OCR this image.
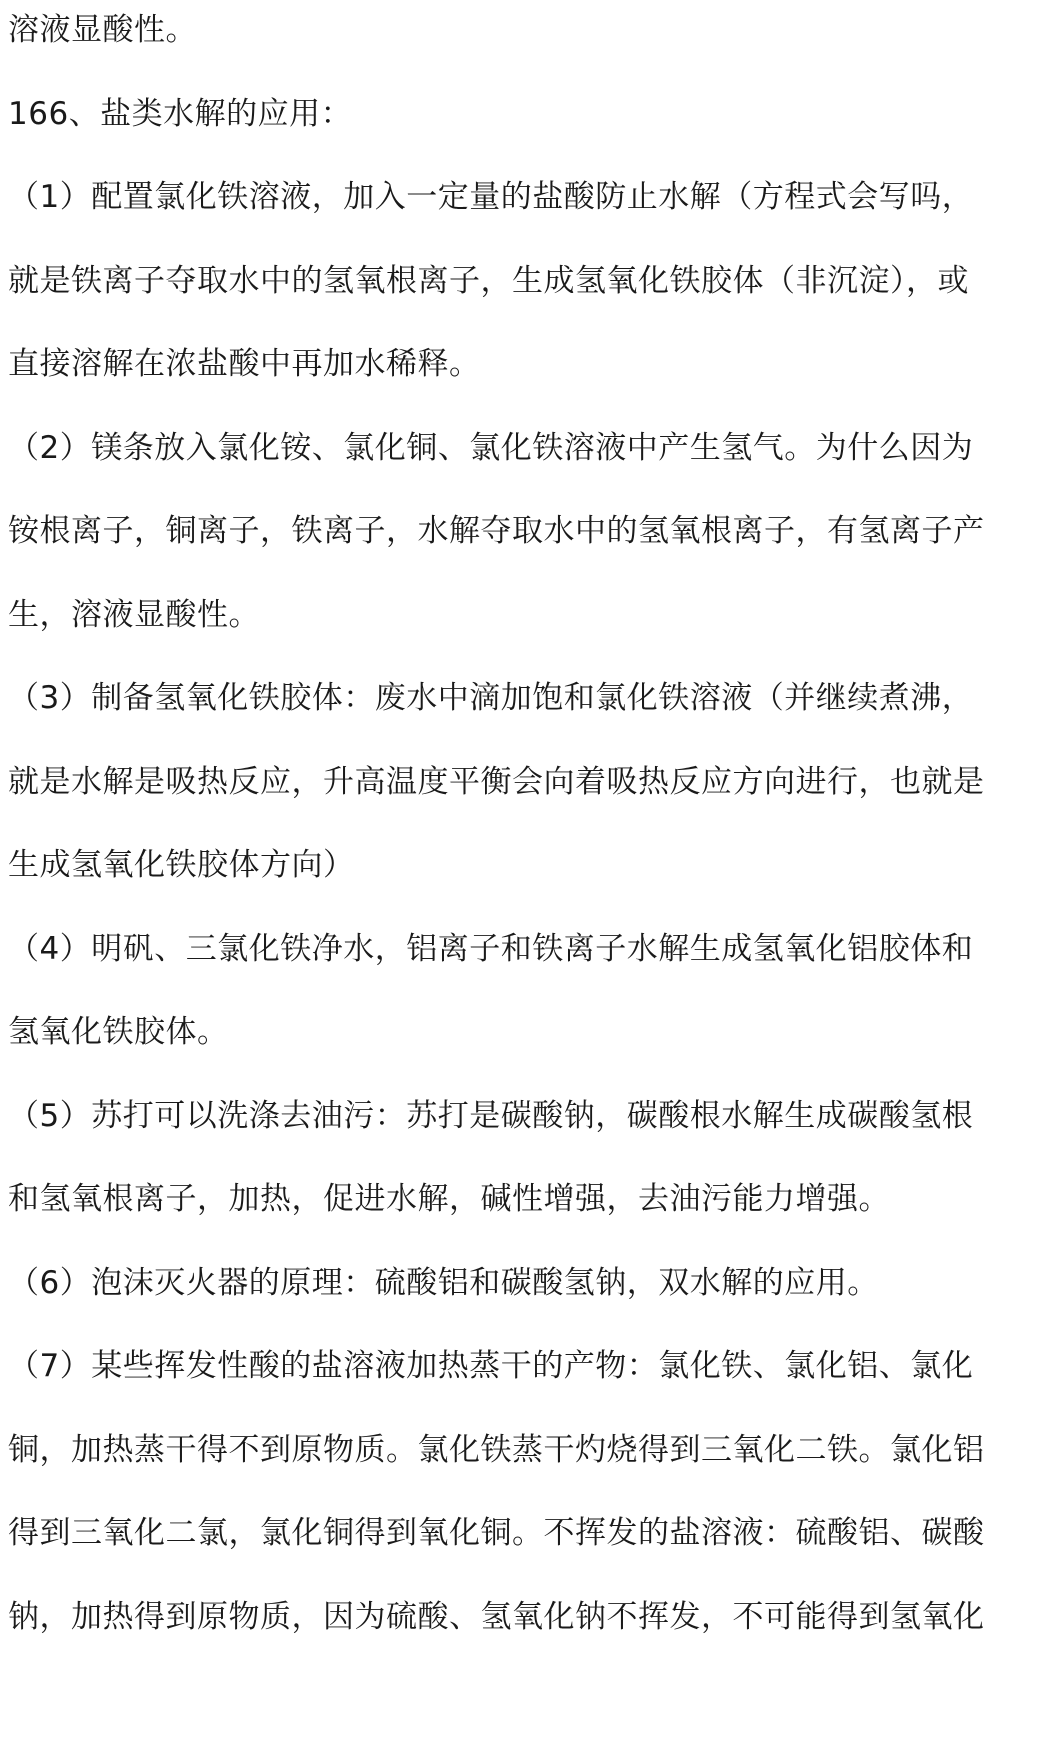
溶液显酸性。
166、盐类水解的应用：
（1）配置氯化铁溶液，加入一定量的盐酸防止水解（方程式会写吗，
就是铁离子夺取水中的氢氧根离子，生成氢氧化铁胶体（非沉淀），或
直接溶解在浓盐酸中再加水稀释。
（2）镁条放入氯化铵、氯化铜、氯化铁溶液中产生氢气。为什么因为
铵根离子，铜离子，铁离子，水解夺取水中的氢氧根离子，有氢离子产
生，溶液显酸性。
（3）制备氢氧化铁胶体：废水中滴加饱和氯化铁溶液（并继续煮沸，
就是水解是吸热反应，升高温度平衡会向着吸热反应方向进行，也就是
生成氢氧化铁胶体方向）
（4）明矾、三氯化铁净水，铝离子和铁离子水解生成氢氧化铝胶体和
氢氧化铁胶体。
（5）苏打可以洗涤去油污：苏打是碳酸钠，碳酸根水解生成碳酸氢根
和氢氧根离子，加热，促进水解，碱性增强，去油污能力增强。
（6）泡沫灭火器的原理：硫酸铝和碳酸氢钠，双水解的应用。
（7）某些挥发性酸的盐溶液加热蒸干的产物：氯化铁、氯化铝、氯化
铜，加热蒸干得不到原物质。氯化铁蒸干灼烧得到三氧化二铁。氯化铝
得到三氧化二氯，氯化铜得到氧化铜。不挥发的盐溶液：硫酸铝、碳酸
钠，加热得到原物质，因为硫酸、氢氧化钠不挥发，不可能得到氢氧化
